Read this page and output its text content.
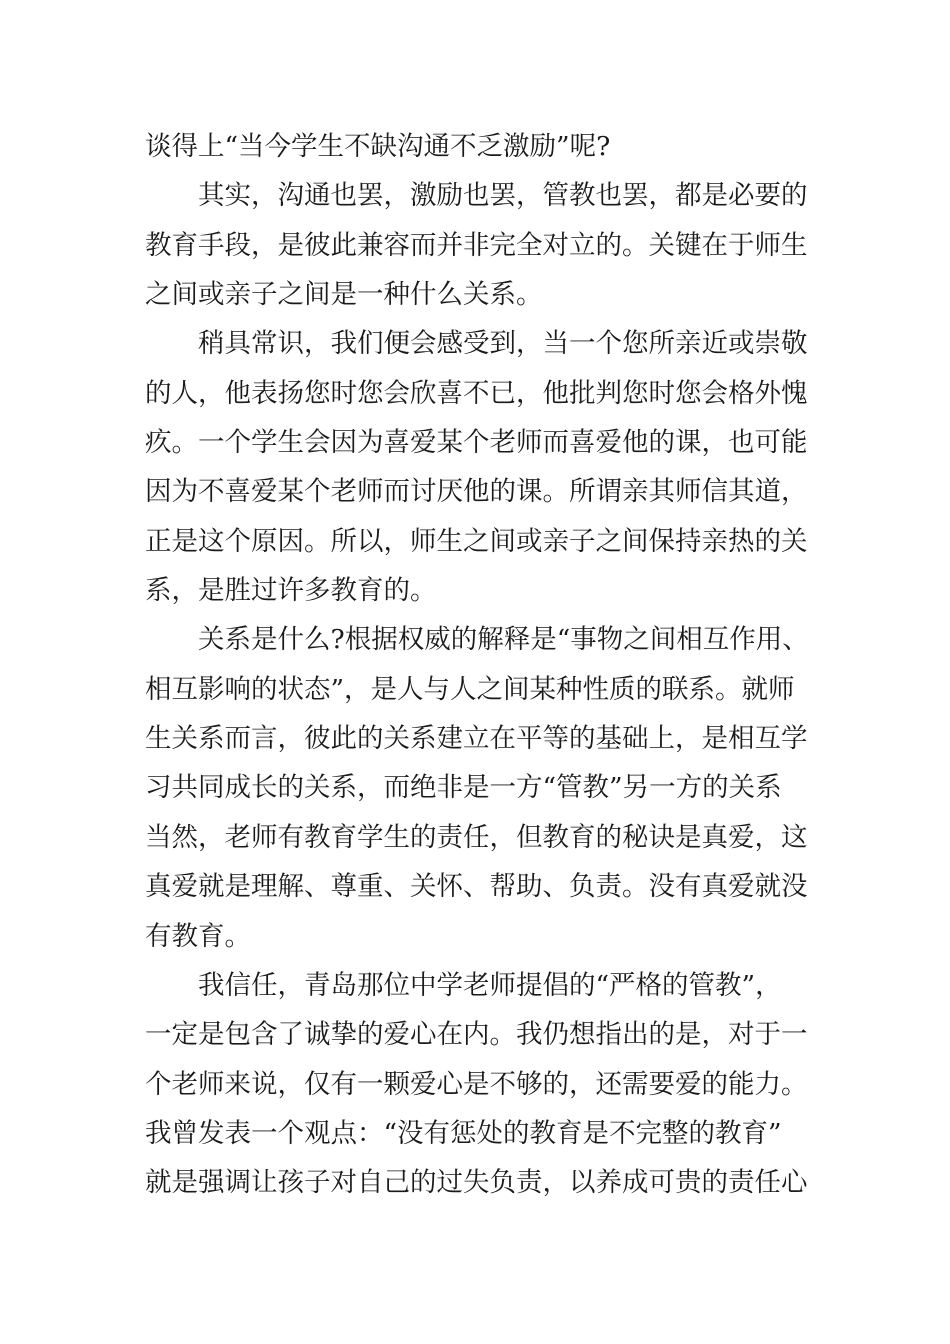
谈得上“当今学生不缺沟通不乏激励”呢?
其实，沟通也罢，激励也罢，管教也罢，都是必要的
教育手段，是彼此兼容而并非完全对立的。关键在于师生
之间或亲子之间是一种什么关系。
稍具常识，我们便会感受到，当一个您所亲近或崇敬
的人，他表扬您时您会欣喜不已，他批判您时您会格外愧
疚。一个学生会因为喜爱某个老师而喜爱他的课，也可能
因为不喜爱某个老师而讨厌他的课。所谓亲其师信其道，
正是这个原因。所以，师生之间或亲子之间保持亲热的关
系，是胜过许多教育的。
关系是什么?根据权威的解释是“事物之间相互作用、
相互影响的状态”，是人与人之间某种性质的联系。就师
生关系而言，彼此的关系建立在平等的基础上，是相互学
习共同成长的关系，而绝非是一方“管教”另一方的关系
当然，老师有教育学生的责任，但教育的秘诀是真爱，这
真爱就是理解、尊重、关怀、帮助、负责。没有真爱就没
有教育。
我信任，青岛那位中学老师提倡的“严格的管教”，
一定是包含了诚挚的爱心在内。我仍想指出的是，对于一
个老师来说，仅有一颗爱心是不够的，还需要爱的能力。
我曾发表一个观点：“没有惩处的教育是不完整的教育”
就是强调让孩子对自己的过失负责，以养成可贵的责任心
